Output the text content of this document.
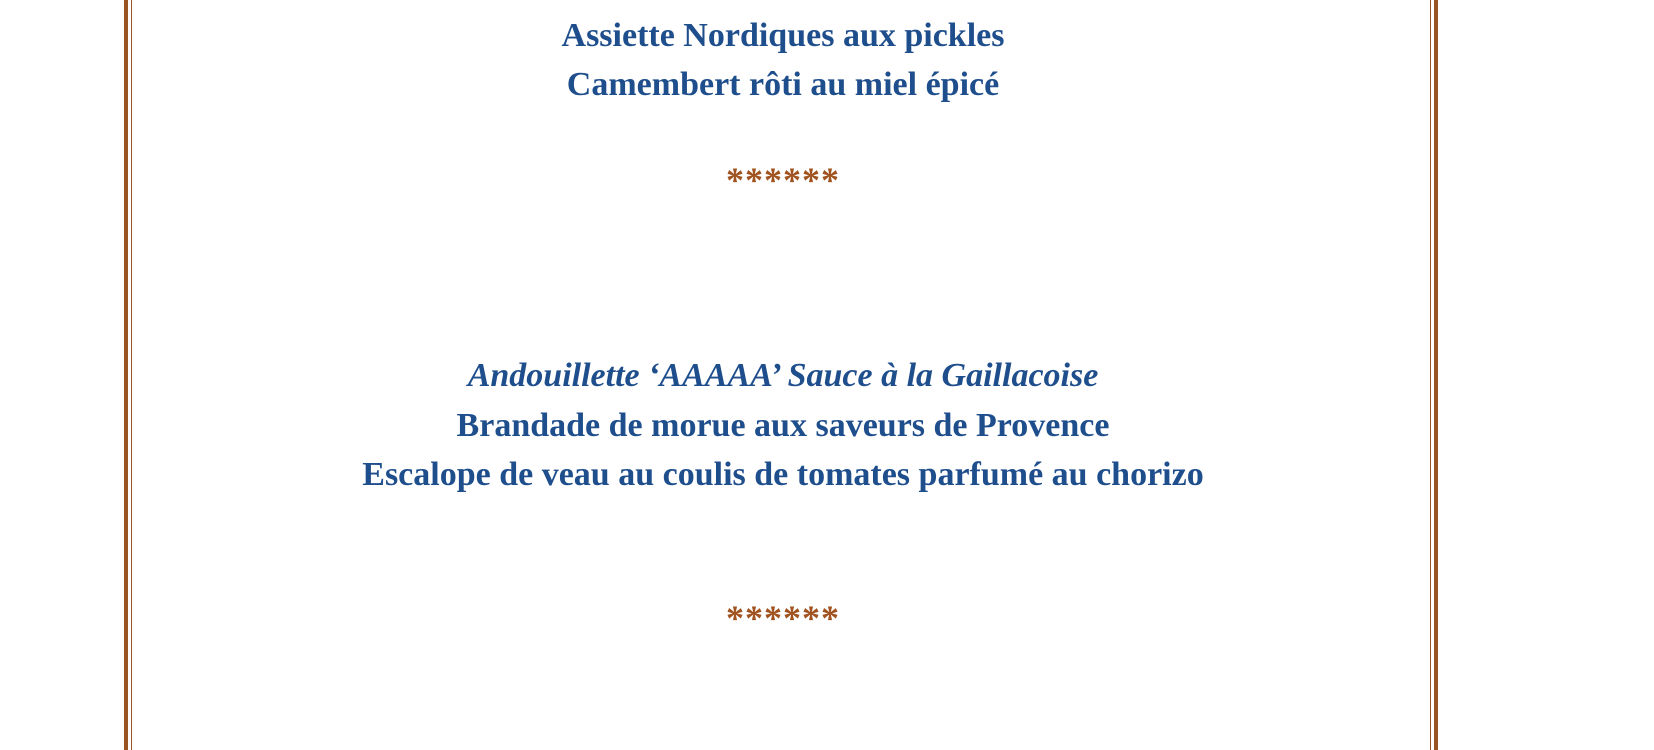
Assiette Nordiques aux pickles
Camembert rôti au miel épicé
******
Andouillette ‘AAAAA’ Sauce à la Gaillacoise
Brandade de morue aux saveurs de Provence
Escalope de veau au coulis de tomates parfumé au chorizo
******
